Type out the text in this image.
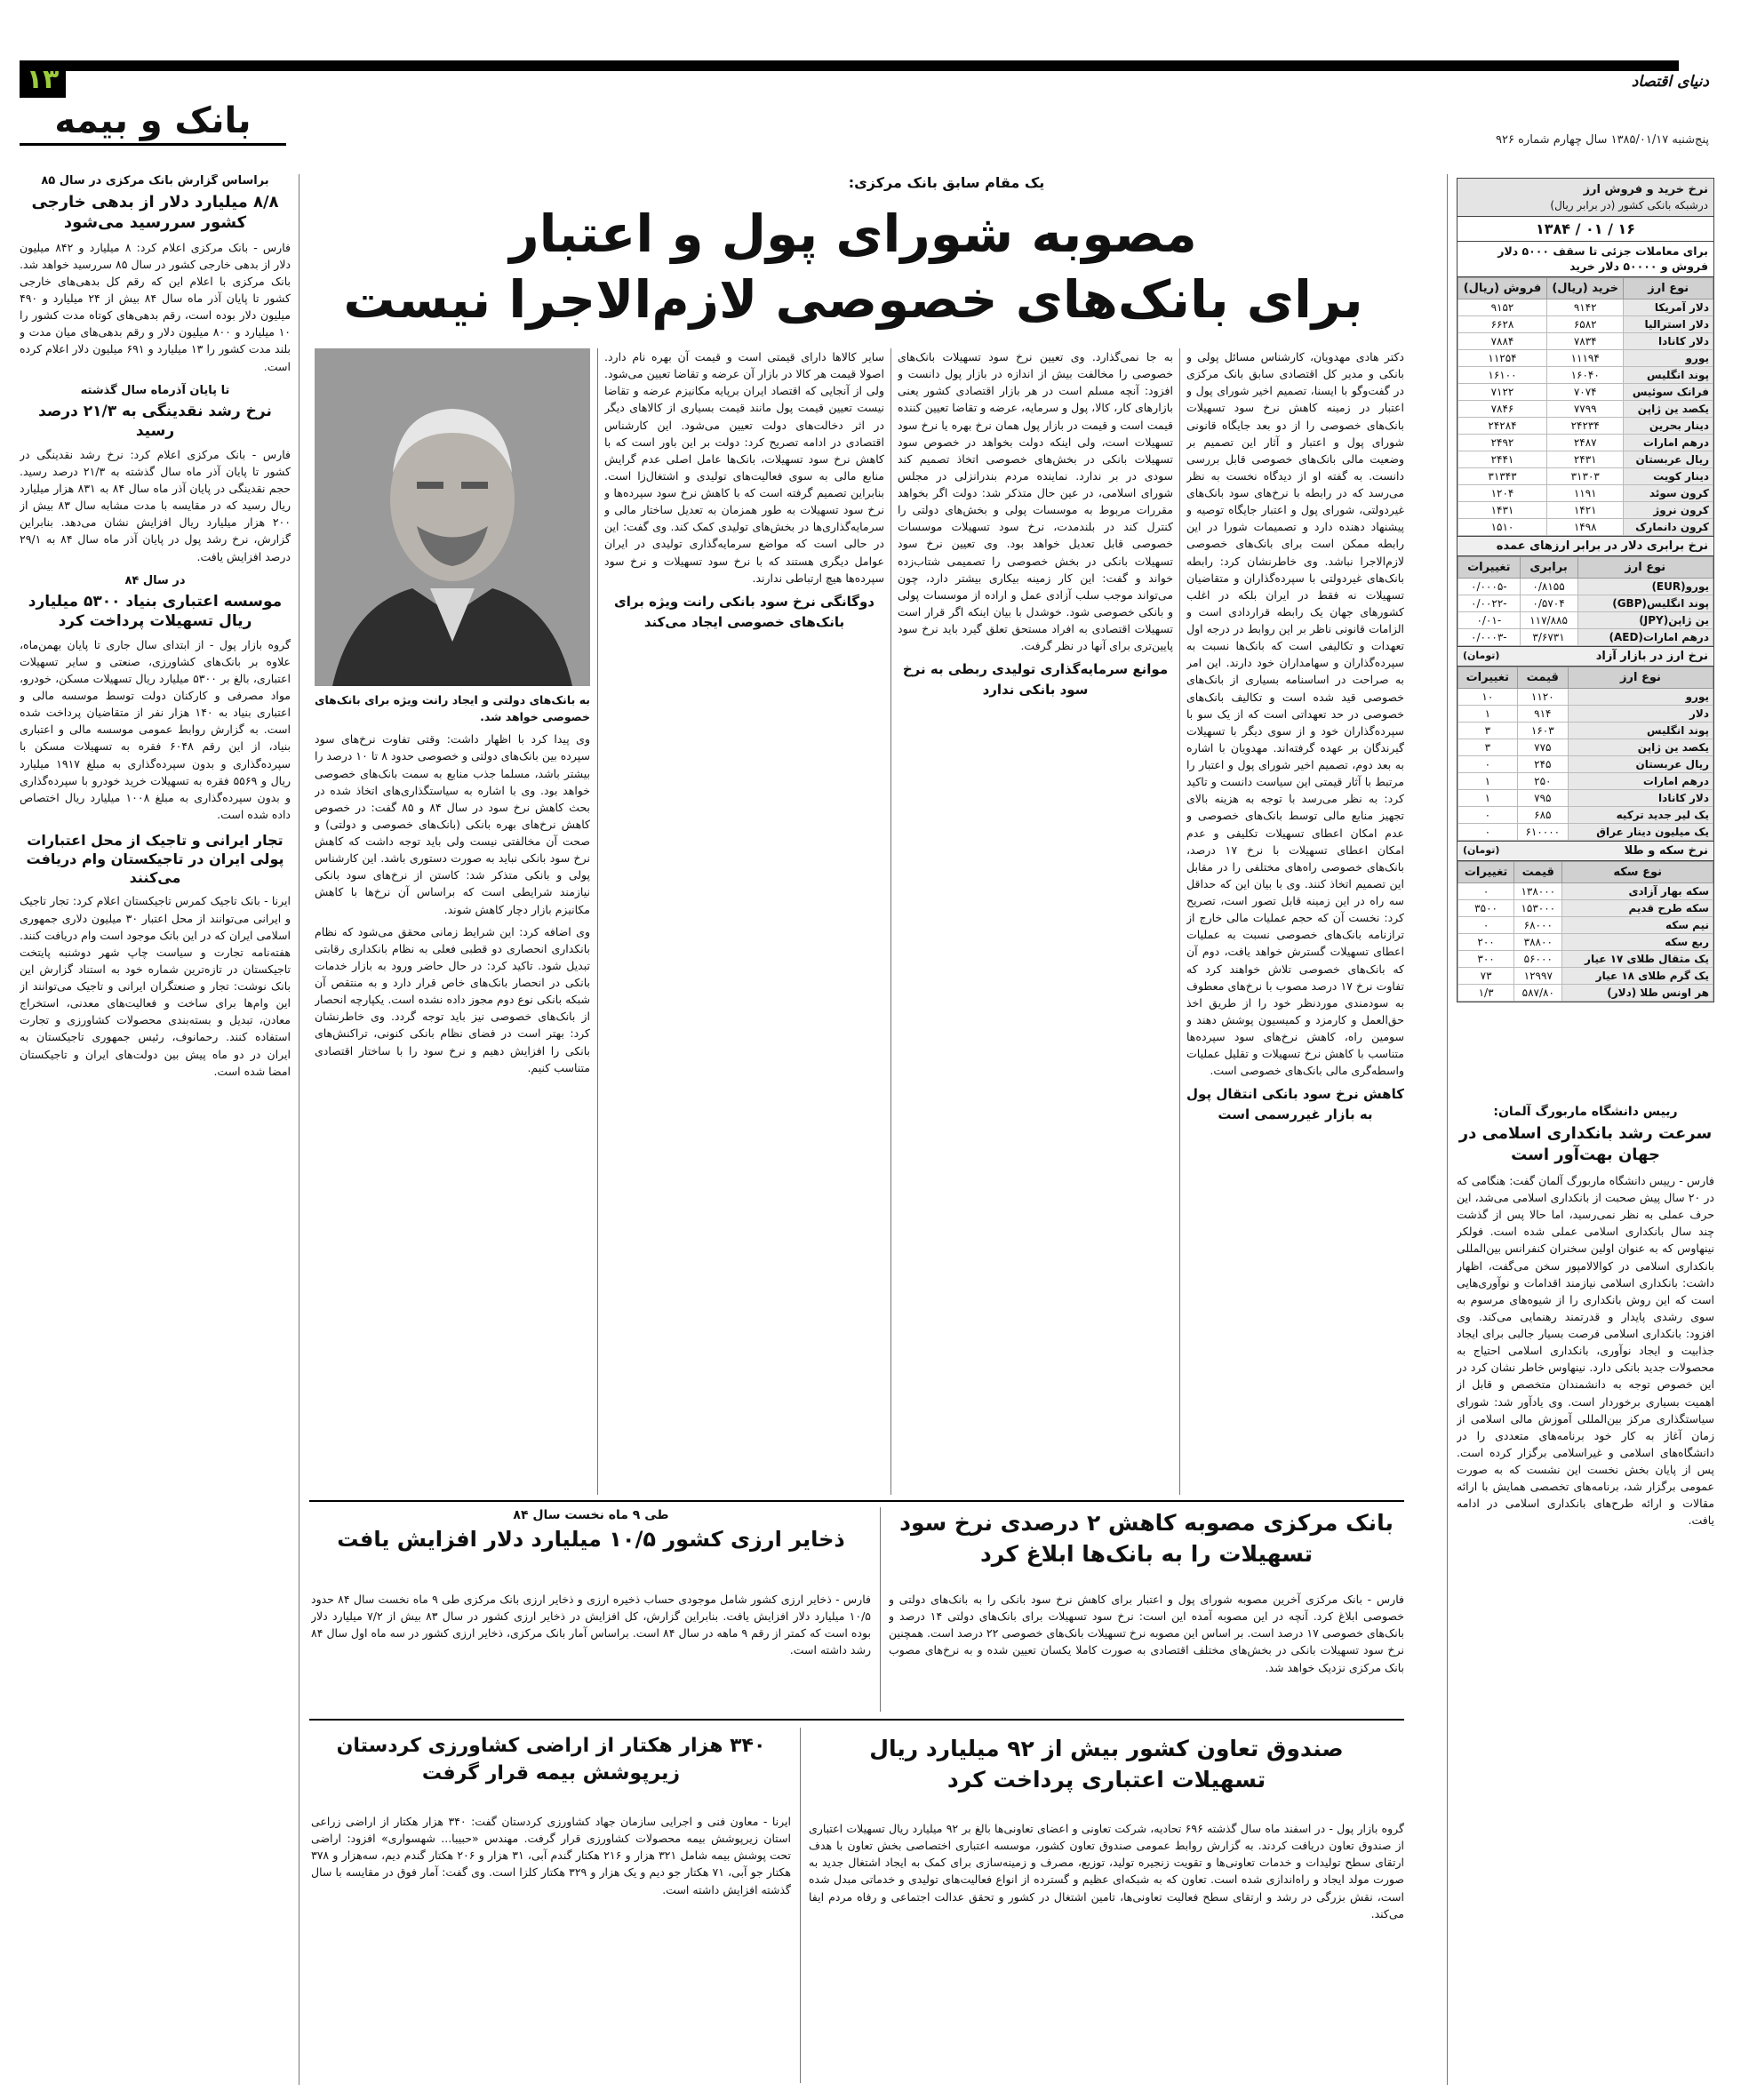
۱۳	دنیای اقتصاد
بانک و بیمه	پنج‌شنبه ۱۳۸۵/۰۱/۱۷ سال چهارم شماره ۹۲۶
نرخ خرید و فروش ارز
درشبکه بانکی کشور (در برابر ریال)
۱۳۸۴ / ۰۱ / ۱۶
برای معاملات جزئی تا سقف ۵۰۰۰ دلار فروش و ۵۰۰۰۰ دلار خرید
نوع ارز	خرید (ریال)	فروش (ریال)
دلار آمریکا	۹۱۴۲	۹۱۵۲
دلار استرالیا	۶۵۸۲	۶۶۲۸
دلار کانادا	۷۸۳۴	۷۸۸۴
یورو	۱۱۱۹۴	۱۱۲۵۴
پوند انگلیس	۱۶۰۴۰	۱۶۱۰۰
فرانک سوئیس	۷۰۷۴	۷۱۲۲
یکصد ین ژاپن	۷۷۹۹	۷۸۴۶
دینار بحرین	۲۴۲۳۴	۲۴۲۸۴
درهم امارات	۲۴۸۷	۲۴۹۲
ریال عربستان	۲۴۳۱	۲۴۴۱
دینار کویت	۳۱۳۰۳	۳۱۳۴۳
کرون سوئد	۱۱۹۱	۱۲۰۴
کرون نروژ	۱۴۲۱	۱۴۳۱
کرون دانمارک	۱۴۹۸	۱۵۱۰
نرخ برابری دلار در برابر ارزهای عمده
نوع ارز	برابری	تغییرات
یورو(EUR)	۰/۸۱۵۵	۰/۰۰۰۵-
پوند انگلیس(GBP)	۰/۵۷۰۴	۰/۰۰۲۲-
ین ژاپن(JPY)	۱۱۷/۸۸۵	۰/۰۱-
درهم امارات(AED)	۳/۶۷۳۱	۰/۰۰۰۳-
نرخ ارز در بازار آزاد
(تومان)
نوع ارز	قیمت	تغییرات
یورو	۱۱۲۰	۱۰
دلار	۹۱۴	۱
پوند انگلیس	۱۶۰۳	۳
یکصد ین ژاپن	۷۷۵	۳
ریال عربستان	۲۴۵	۰
درهم امارات	۲۵۰	۱
دلار کانادا	۷۹۵	۱
یک لیر جدید ترکیه	۶۸۵	۰
یک میلیون دینار عراق	۶۱۰۰۰۰	۰
نرخ سکه و طلا
(تومان)
نوع سکه	قیمت	تغییرات
سکه بهار آزادی	۱۳۸۰۰۰	۰
سکه طرح قدیم	۱۵۳۰۰۰	۳۵۰۰
نیم سکه	۶۸۰۰۰	۰
ربع سکه	۳۸۸۰۰	۲۰۰
یک مثقال طلای ۱۷ عیار	۵۶۰۰۰	۳۰۰
یک گرم طلای ۱۸ عیار	۱۲۹۹۷	۷۳
هر اونس طلا (دلار)	۵۸۷/۸۰	۱/۳
رییس دانشگاه ماربورگ آلمان:
سرعت رشد بانکداری اسلامی در جهان بهت‌آور است

فارس - رییس دانشگاه ماربورگ آلمان گفت: هنگامی که در ۲۰ سال پیش صحبت از بانکداری اسلامی می‌شد، این حرف عملی به نظر نمی‌رسید، اما حالا پس از گذشت چند سال بانکداری اسلامی عملی شده است. فولکر نینهاوس که به عنوان اولین سخنران کنفرانس بین‌المللی بانکداری اسلامی در کوالالامپور سخن می‌گفت، اظهار داشت: بانکداری اسلامی نیازمند اقدامات و نوآوری‌هایی است که این روش بانکداری را از شیوه‌های مرسوم به سوی رشدی پایدار و قدرتمند رهنمایی می‌کند. وی افزود: بانکداری اسلامی فرصت بسیار جالبی برای ایجاد جذابیت و ایجاد نوآوری، بانکداری اسلامی احتیاج به محصولات جدید بانکی دارد. نینهاوس خاطر نشان کرد در این خصوص توجه به دانشمندان متخصص و قابل از اهمیت بسیاری برخوردار است. وی یادآور شد: شورای سیاستگذاری مرکز بین‌المللی آموزش مالی اسلامی از زمان آغاز به کار خود برنامه‌های متعددی را در دانشگاه‌های اسلامی و غیراسلامی برگزار کرده است. پس از پایان بخش نخست این نشست که به صورت عمومی برگزار شد، برنامه‌های تخصصی همایش با ارائه مقالات و ارائه طرح‌های بانکداری اسلامی در ادامه یافت.

یک مقام سابق بانک مرکزی:
مصوبه شورای پول و اعتبار
برای بانک‌های خصوصی لازم‌الاجرا نیست

دکتر هادی مهدویان، کارشناس مسائل پولی و بانکی و مدیر کل اقتصادی سابق بانک مرکزی در گفت‌وگو با ایسنا، تصمیم اخیر شورای پول و اعتبار در زمینه کاهش نرخ سود تسهیلات بانک‌های خصوصی را از دو بعد جایگاه قانونی شورای پول و اعتبار و آثار این تصمیم بر وضعیت مالی بانک‌های خصوصی قابل بررسی دانست. به گفته او از دیدگاه نخست به نظر می‌رسد که در رابطه با نرخ‌های سود بانک‌های غیردولتی، شورای پول و اعتبار جایگاه توصیه و پیشنهاد دهنده دارد و تصمیمات شورا در این رابطه ممکن است برای بانک‌های خصوصی لازم‌الاجرا نباشد. وی خاطرنشان کرد: رابطه بانک‌های غیردولتی با سپرده‌گذاران و متقاضیان تسهیلات نه فقط در ایران بلکه در اغلب کشورهای جهان یک رابطه قراردادی است و الزامات قانونی ناظر بر این روابط در درجه اول تعهدات و تکالیفی است که بانک‌ها نسبت به سپرده‌گذاران و سهامداران خود دارند. این امر به صراحت در اساسنامه بسیاری از بانک‌های خصوصی قید شده است و تکالیف بانک‌های خصوصی در حد تعهداتی است که از یک سو با سپرده‌گذاران خود و از سوی دیگر با تسهیلات گیرندگان بر عهده گرفته‌اند. مهدویان با اشاره به بعد دوم، تصمیم اخیر شورای پول و اعتبار را مرتبط با آثار قیمتی این سیاست دانست و تاکید کرد: به نظر می‌رسد با توجه به هزینه بالای تجهیز منابع مالی توسط بانک‌های خصوصی و عدم امکان اعطای تسهیلات تکلیفی و عدم امکان اعطای تسهیلات با نرخ ۱۷ درصد، بانک‌های خصوصی راه‌های مختلفی را در مقابل این تصمیم اتخاذ کنند. وی با بیان این که حداقل سه راه در این زمینه قابل تصور است، تصریح کرد: نخست آن که حجم عملیات مالی خارج از ترازنامه بانک‌های خصوصی نسبت به عملیات اعطای تسهیلات گسترش خواهد یافت، دوم آن که بانک‌های خصوصی تلاش خواهند کرد که تفاوت نرخ ۱۷ درصد مصوب با نرخ‌های معطوف به سودمندی موردنظر خود را از طریق اخذ حق‌العمل و کارمزد و کمیسیون پوشش دهند و سومین راه، کاهش نرخ‌های سود سپرده‌ها متناسب با کاهش نرخ تسهیلات و تقلیل عملیات واسطه‌گری مالی بانک‌های خصوصی است.

کاهش نرخ سود بانکی انتقال پول به بازار غیررسمی است

به جا نمی‌گذارد. وی تعیین نرخ سود تسهیلات بانک‌های خصوصی را مخالفت بیش از اندازه در بازار پول دانست و افزود: آنچه مسلم است در هر بازار اقتصادی کشور یعنی بازارهای کار، کالا، پول و سرمایه، عرضه و تقاضا تعیین کننده قیمت است و قیمت در بازار پول همان نرخ بهره یا نرخ سود تسهیلات است، ولی اینکه دولت بخواهد در خصوص سود تسهیلات بانکی در بخش‌های خصوصی اتخاذ تصمیم کند سودی در بر ندارد. نماینده مردم بندرانزلی در مجلس شورای اسلامی، در عین حال متذکر شد: دولت اگر بخواهد مقررات مربوط به موسسات پولی و بخش‌های دولتی را کنترل کند در بلندمدت، نرخ سود تسهیلات موسسات خصوصی قابل تعدیل خواهد بود. وی تعیین نرخ سود تسهیلات بانکی در بخش خصوصی را تصمیمی شتاب‌زده خواند و گفت: این کار زمینه بیکاری بیشتر دارد، چون می‌تواند موجب سلب آزادی عمل و اراده از موسسات پولی و بانکی خصوصی شود. خوشدل با بیان اینکه اگر قرار است تسهیلات اقتصادی به افراد مستحق تعلق گیرد باید نرخ سود پایین‌تری برای آنها در نظر گرفت.

موانع سرمایه‌گذاری تولیدی ربطی به نرخ سود بانکی ندارد

سایر کالاها دارای قیمتی است و قیمت آن بهره نام دارد. اصولا قیمت هر کالا در بازار آن عرضه و تقاضا تعیین می‌شود. ولی از آنجایی که اقتصاد ایران برپایه مکانیزم عرضه و تقاضا نیست تعیین قیمت پول مانند قیمت بسیاری از کالاهای دیگر در اثر دخالت‌های دولت تعیین می‌شود. این کارشناس اقتصادی در ادامه تصریح کرد: دولت بر این باور است که با کاهش نرخ سود تسهیلات، بانک‌ها عامل اصلی عدم گرایش منابع مالی به سوی فعالیت‌های تولیدی و اشتغال‌زا است. بنابراین تصمیم گرفته است که با کاهش نرخ سود سپرده‌ها و نرخ سود تسهیلات به طور همزمان به تعدیل ساختار مالی و سرمایه‌گذاری‌ها در بخش‌های تولیدی کمک کند. وی گفت: این در حالی است که مواضع سرمایه‌گذاری تولیدی در ایران عوامل دیگری هستند که با نرخ سود تسهیلات و نرخ سود سپرده‌ها هیچ ارتباطی ندارند.

دوگانگی نرخ سود بانکی رانت ویژه برای بانک‌های خصوصی ایجاد می‌کند

به بانک‌های دولتی و ایجاد رانت ویژه برای بانک‌های خصوصی خواهد شد.

وی پیدا کرد با اظهار داشت: وقتی تفاوت نرخ‌های سود سپرده بین بانک‌های دولتی و خصوصی حدود ۸ تا ۱۰ درصد را بیشتر باشد، مسلما جذب منابع به سمت بانک‌های خصوصی خواهد بود. وی با اشاره به سیاستگذاری‌های اتخاذ شده در بحث کاهش نرخ سود در سال ۸۴ و ۸۵ گفت: در خصوص کاهش نرخ‌های بهره بانکی (بانک‌های خصوصی و دولتی) و صحت آن مخالفتی نیست ولی باید توجه داشت که کاهش نرخ سود بانکی نباید به صورت دستوری باشد. این کارشناس پولی و بانکی متذکر شد: کاستن از نرخ‌های سود بانکی نیازمند شرایطی است که براساس آن نرخ‌ها با کاهش مکانیزم بازار دچار کاهش شوند.

وی اضافه کرد: این شرایط زمانی محقق می‌شود که نظام بانکداری انحصاری دو قطبی فعلی به نظام بانکداری رقابتی تبدیل شود. تاکید کرد: در حال حاضر ورود به بازار خدمات بانکی در انحصار بانک‌های خاص قرار دارد و به منتقص آن شبکه بانکی نوع دوم مجوز داده نشده است. یکپارچه انحصار از بانک‌های خصوصی نیز باید توجه گردد. وی خاطرنشان کرد: بهتر است در فضای نظام بانکی کنونی، تراکنش‌های بانکی را افزایش دهیم و نرخ سود را با ساختار اقتصادی متناسب کنیم.

براساس گزارش بانک مرکزی در سال ۸۵
۸/۸ میلیارد دلار از بدهی خارجی کشور سررسید می‌شود

فارس - بانک مرکزی اعلام کرد: ۸ میلیارد و ۸۴۲ میلیون دلار از بدهی خارجی کشور در سال ۸۵ سررسید خواهد شد. بانک مرکزی با اعلام این که رقم کل بدهی‌های خارجی کشور تا پایان آذر ماه سال ۸۴ بیش از ۲۴ میلیارد و ۴۹۰ میلیون دلار بوده است، رقم بدهی‌های کوتاه مدت کشور را ۱۰ میلیارد و ۸۰۰ میلیون دلار و رقم بدهی‌های میان مدت و بلند مدت کشور را ۱۳ میلیارد و ۶۹۱ میلیون دلار اعلام کرده است.

تا پایان آذرماه سال گذشته
نرخ رشد نقدینگی به ۲۱/۳ درصد رسید

فارس - بانک مرکزی اعلام کرد: نرخ رشد نقدینگی در کشور تا پایان آذر ماه سال گذشته به ۲۱/۳ درصد رسید. حجم نقدینگی در پایان آذر ماه سال ۸۴ به ۸۳۱ هزار میلیارد ریال رسید که در مقایسه با مدت مشابه سال ۸۳ بیش از ۲۰۰ هزار میلیارد ریال افزایش نشان می‌دهد. بنابراین گزارش، نرخ رشد پول در پایان آذر ماه سال ۸۴ به ۲۹/۱ درصد افزایش یافت.

در سال ۸۴
موسسه اعتباری بنیاد ۵۳۰۰ میلیارد ریال تسهیلات پرداخت کرد

گروه بازار پول - از ابتدای سال جاری تا پایان بهمن‌ماه، علاوه بر بانک‌های کشاورزی، صنعتی و سایر تسهیلات اعتباری، بالغ بر ۵۳۰۰ میلیارد ریال تسهیلات مسکن، خودرو، مواد مصرفی و کارکنان دولت توسط موسسه مالی و اعتباری بنیاد به ۱۴۰ هزار نفر از متقاضیان پرداخت شده است. به گزارش روابط عمومی موسسه مالی و اعتباری بنیاد، از این رقم ۶۰۴۸ فقره به تسهیلات مسکن با سپرده‌گذاری و بدون سپرده‌گذاری به مبلغ ۱۹۱۷ میلیارد ریال و ۵۵۶۹ فقره به تسهیلات خرید خودرو با سپرده‌گذاری و بدون سپرده‌گذاری به مبلغ ۱۰۰۸ میلیارد ریال اختصاص داده شده است.

تجار ایرانی و تاجیک از محل اعتبارات پولی ایران در تاجیکستان وام دریافت می‌کنند

ایرنا - بانک تاجیک کمرس تاجیکستان اعلام کرد: تجار تاجیک و ایرانی می‌توانند از محل اعتبار ۳۰ میلیون دلاری جمهوری اسلامی ایران که در این بانک موجود است وام دریافت کنند. هفته‌نامه تجارت و سیاست چاپ شهر دوشنبه پایتخت تاجیکستان در تازه‌ترین شماره خود به استناد گزارش این بانک نوشت: تجار و صنعتگران ایرانی و تاجیک می‌توانند از این وام‌ها برای ساخت و فعالیت‌های معدنی، استخراج معادن، تبدیل و بسته‌بندی محصولات کشاورزی و تجارت استفاده کنند. رحمانوف، رئیس جمهوری تاجیکستان به ایران در دو ماه پیش بین دولت‌های ایران و تاجیکستان امضا شده است.

بانک مرکزی مصوبه کاهش ۲ درصدی نرخ سود
تسهیلات را به بانک‌ها ابلاغ کرد

فارس - بانک مرکزی آخرین مصوبه شورای پول و اعتبار برای کاهش نرخ سود بانکی را به بانک‌های دولتی و خصوصی ابلاغ کرد. آنچه در این مصوبه آمده این است: نرخ سود تسهیلات برای بانک‌های دولتی ۱۴ درصد و بانک‌های خصوصی ۱۷ درصد است. بر اساس این مصوبه نرخ تسهیلات بانک‌های خصوصی ۲۲ درصد است. همچنین نرخ سود تسهیلات بانکی در بخش‌های مختلف اقتصادی به صورت کاملا یکسان تعیین شده و به نرخ‌های مصوب بانک مرکزی نزدیک خواهد شد.

طی ۹ ماه نخست سال ۸۴
ذخایر ارزی کشور ۱۰/۵ میلیارد دلار افزایش یافت

فارس - ذخایر ارزی کشور شامل موجودی حساب ذخیره ارزی و ذخایر ارزی بانک مرکزی طی ۹ ماه نخست سال ۸۴ حدود ۱۰/۵ میلیارد دلار افزایش یافت. بنابراین گزارش، کل افزایش در ذخایر ارزی کشور در سال ۸۳ بیش از ۷/۲ میلیارد دلار بوده است که کمتر از رقم ۹ ماهه در سال ۸۴ است. براساس آمار بانک مرکزی، ذخایر ارزی کشور در سه ماه اول سال ۸۴ رشد داشته است.

صندوق تعاون کشور بیش از ۹۲ میلیارد ریال
تسهیلات اعتباری پرداخت کرد

گروه بازار پول - در اسفند ماه سال گذشته ۶۹۶ تحادیه، شرکت تعاونی و اعضای تعاونی‌ها بالغ بر ۹۲ میلیارد ریال تسهیلات اعتباری از صندوق تعاون دریافت کردند. به گزارش روابط عمومی صندوق تعاون کشور، موسسه اعتباری اختصاصی بخش تعاون با هدف ارتقای سطح تولیدات و خدمات تعاونی‌ها و تقویت زنجیره تولید، توزیع، مصرف و زمینه‌سازی برای کمک به ایجاد اشتغال جدید به صورت مولد ایجاد و راه‌اندازی شده است. تعاون که به شبکه‌ای عظیم و گسترده از انواع فعالیت‌های تولیدی و خدماتی مبدل شده است، نقش بزرگی در رشد و ارتقای سطح فعالیت تعاونی‌ها، تامین اشتغال در کشور و تحقق عدالت اجتماعی و رفاه مردم ایفا می‌کند.

۳۴۰ هزار هکتار از اراضی کشاورزی کردستان
زیرپوشش بیمه قرار گرفت

ایرنا - معاون فنی و اجرایی سازمان جهاد کشاورزی کردستان گفت: ۳۴۰ هزار هکتار از اراضی زراعی استان زیرپوشش بیمه محصولات کشاورزی قرار گرفت. مهندس «حبیبا... شهسواری» افزود: اراضی تحت پوشش بیمه شامل ۳۲۱ هزار و ۲۱۶ هکتار گندم آبی، ۳۱ هزار و ۲۰۶ هکتار گندم دیم، سه‌هزار و ۳۷۸ هکتار جو آبی، ۷۱ هکتار جو دیم و یک هزار و ۳۲۹ هکتار کلزا است. وی گفت: آمار فوق در مقایسه با سال گذشته افزایش داشته است.
